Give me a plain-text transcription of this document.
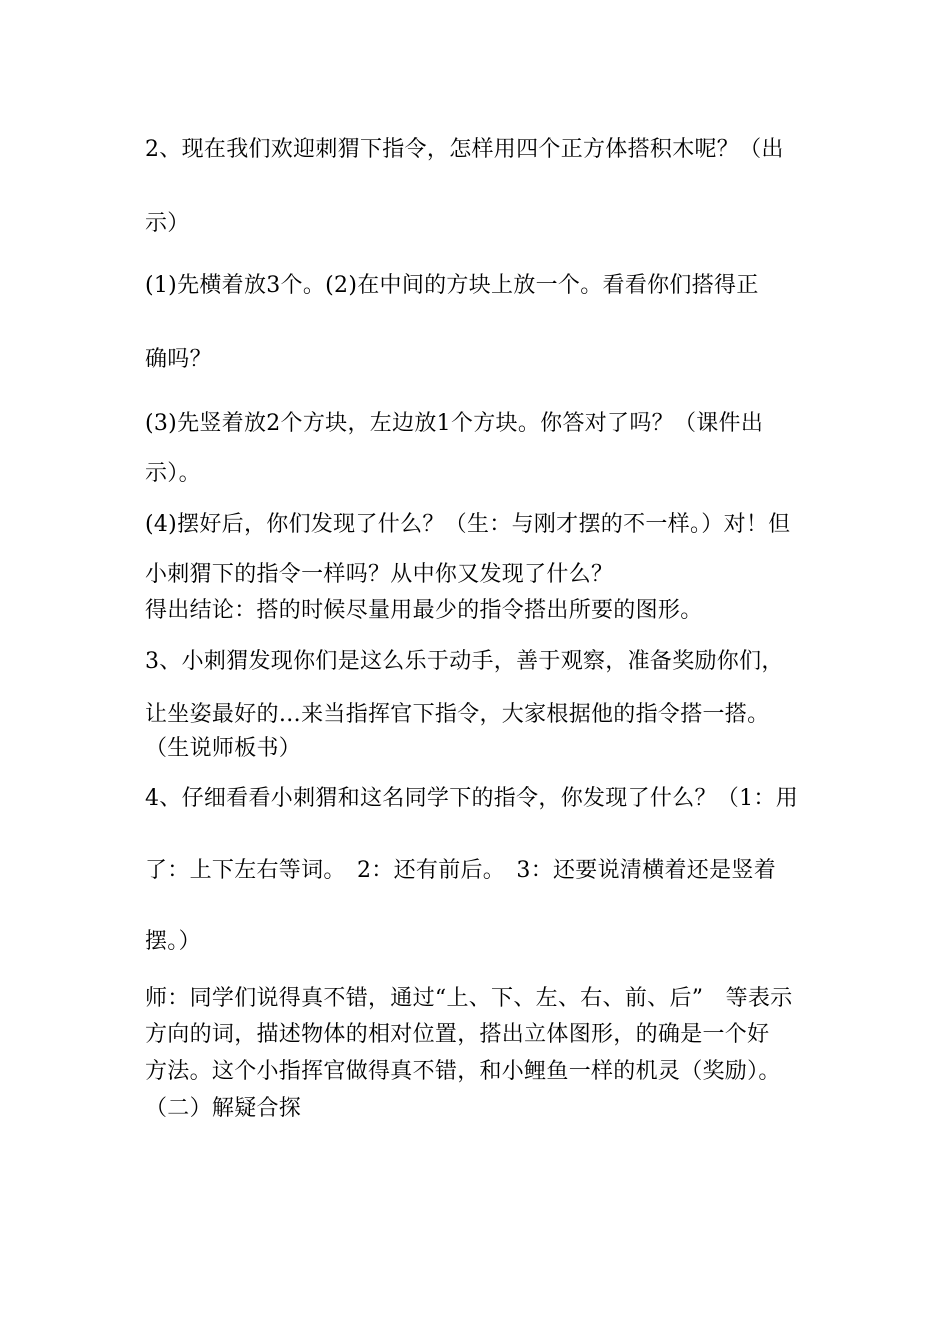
2、现在我们欢迎刺猬下指令，怎样用四个正方体搭积木呢？（出
示）
(1)先横着放3个。(2)在中间的方块上放一个。看看你们搭得正
确吗？
(3)先竖着放2个方块，左边放1个方块。你答对了吗？（课件出
示）。
(4)摆好后，你们发现了什么？（生：与刚才摆的不一样。）对！但
小刺猬下的指令一样吗？从中你又发现了什么？
得出结论：搭的时候尽量用最少的指令搭出所要的图形。
3、小刺猬发现你们是这么乐于动手，善于观察，准备奖励你们，
让坐姿最好的…来当指挥官下指令，大家根据他的指令搭一搭。
（生说师板书）
4、仔细看看小刺猬和这名同学下的指令，你发现了什么？（1：用
了：上下左右等词。　2：还有前后。　3：还要说清横着还是竖着
摆。）
师：同学们说得真不错，通过“上、下、左、右、前、后”　等表示
方向的词，描述物体的相对位置，搭出立体图形，的确是一个好
方法。这个小指挥官做得真不错，和小鲤鱼一样的机灵（奖励）。
（二）解疑合探
